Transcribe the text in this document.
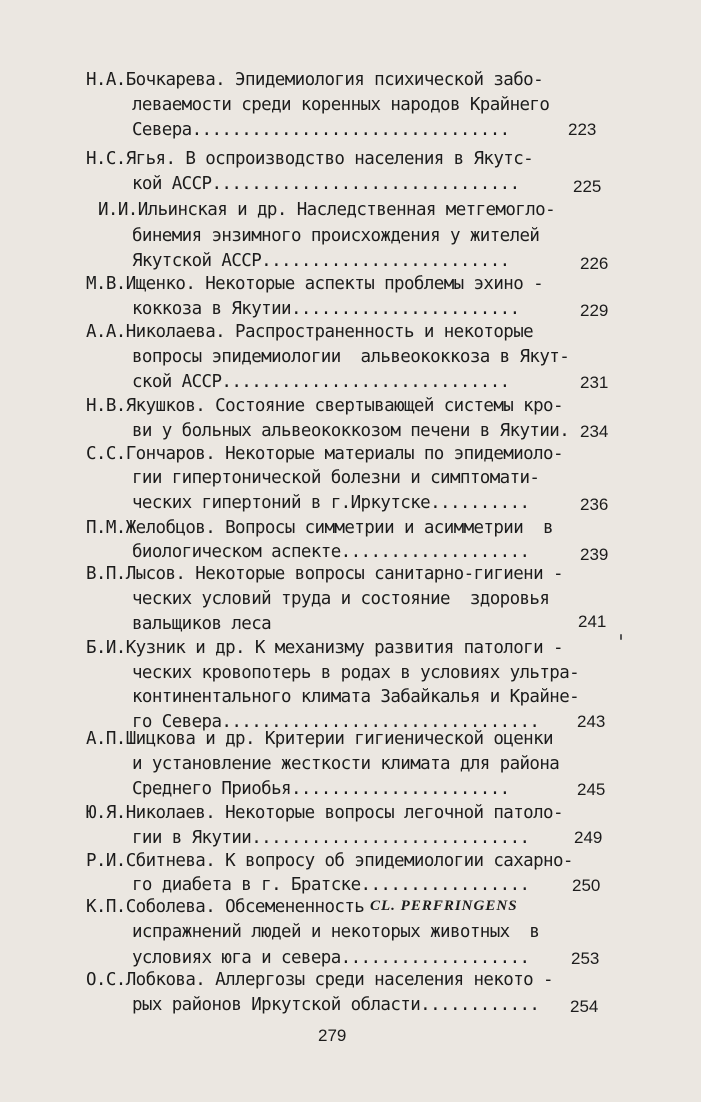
Н.А.Бочкарева. Эпидемиология психической забо-
леваемости среди коренных народов Крайнего
Севера................................	223
Н.С.Ягья. В оспроизводство населения в Якутс-
кой АССР...............................	225
И.И.Ильинская и др. Наследственная метгемогло-
бинемия энзимного происхождения у жителей
Якутской АССР.........................	226
М.В.Ищенко. Некоторые аспекты проблемы эхино -
коккоза в Якутии.......................	229
А.А.Николаева. Распространенность и некоторые
вопросы эпидемиологии  альвеококкоза в Якут-
ской АССР.............................	231
Н.В.Якушков. Состояние свертывающей системы кро-
ви у больных альвеококкозом печени в Якутии. 234
С.С.Гончаров. Некоторые материалы по эпидемиоло-
гии гипертонической болезни и симптомати-
ческих гипертоний в г.Иркутске..........	236
П.М.Желобцов. Вопросы симметрии и асимметрии  в
биологическом аспекте...................	239
В.П.Лысов. Некоторые вопросы санитарно-гигиени -
ческих условий труда и состояние  здоровья
вальщиков леса	241
Б.И.Кузник и др. К механизму развития патологи -
ческих кровопотерь в родах в условиях ультра-
континентального климата Забайкалья и Крайне-
го Севера................................ 243
А.П.Шицкова и др. Критерии гигиенической оценки
и установление жесткости климата для района
Среднего Приобья......................	245
Ю.Я.Николаев. Некоторые вопросы легочной патоло-
гии в Якутии............................	249
Р.И.Сбитнева. К вопросу об эпидемиологии сахарно-
го диабета в г. Братске.................	250
К.П.Соболева. Обсемененность CL. PERFRINGENS
испражнений людей и некоторых животных  в
условиях юга и севера................... 253
О.С.Лобкова. Аллергозы среди населения некото -
рых районов Иркутской области............ 254
279
